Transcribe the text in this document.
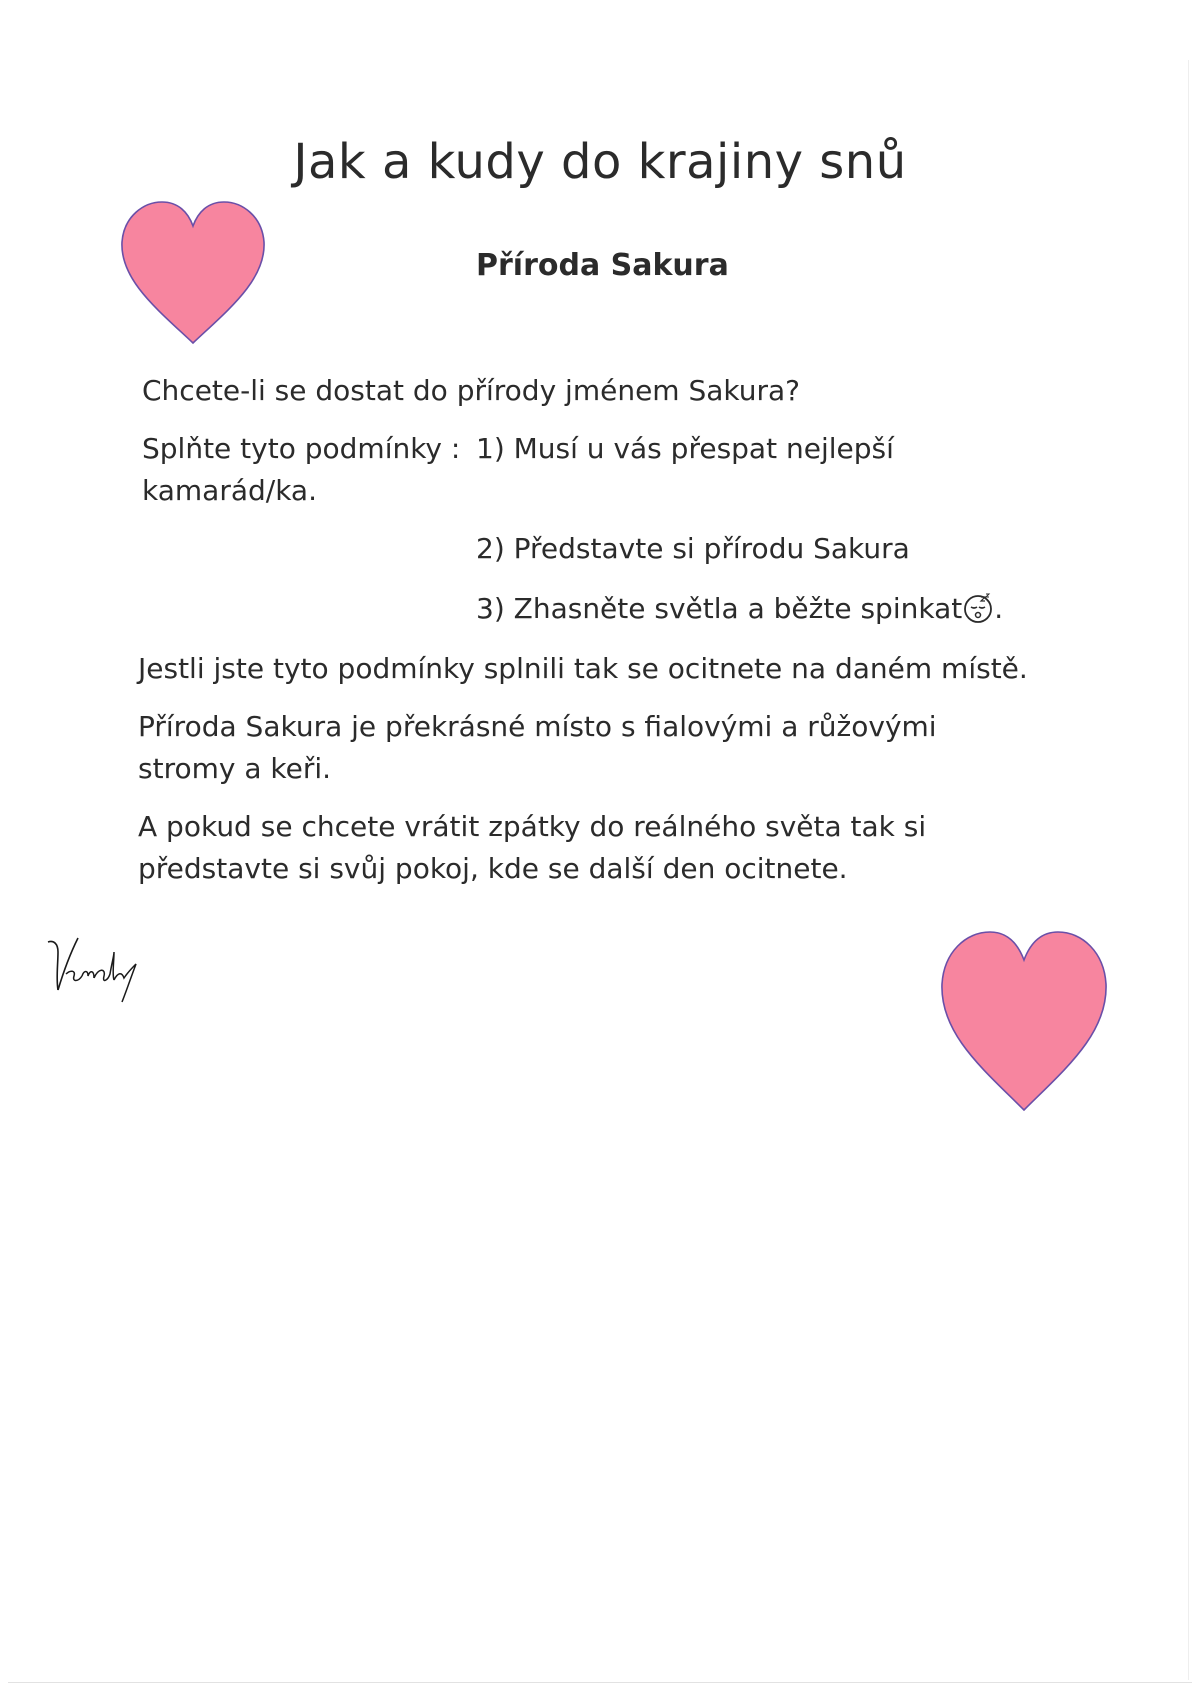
Jak a kudy do krajiny snů
Příroda Sakura

Chcete-li se dostat do přírody jménem Sakura?

Splňte tyto podmínky : 1) Musí u vás přespat nejlepší

kamarád/ka.

2) Představte si přírodu Sakura

3) Zhasněte světla a běžte spinkat .

Jestli jste tyto podmínky splnili tak se ocitnete na daném místě.

Příroda Sakura je překrásné místo s fialovými a růžovými

stromy a keři.

A pokud se chcete vrátit zpátky do reálného světa tak si

představte si svůj pokoj, kde se další den ocitnete.
